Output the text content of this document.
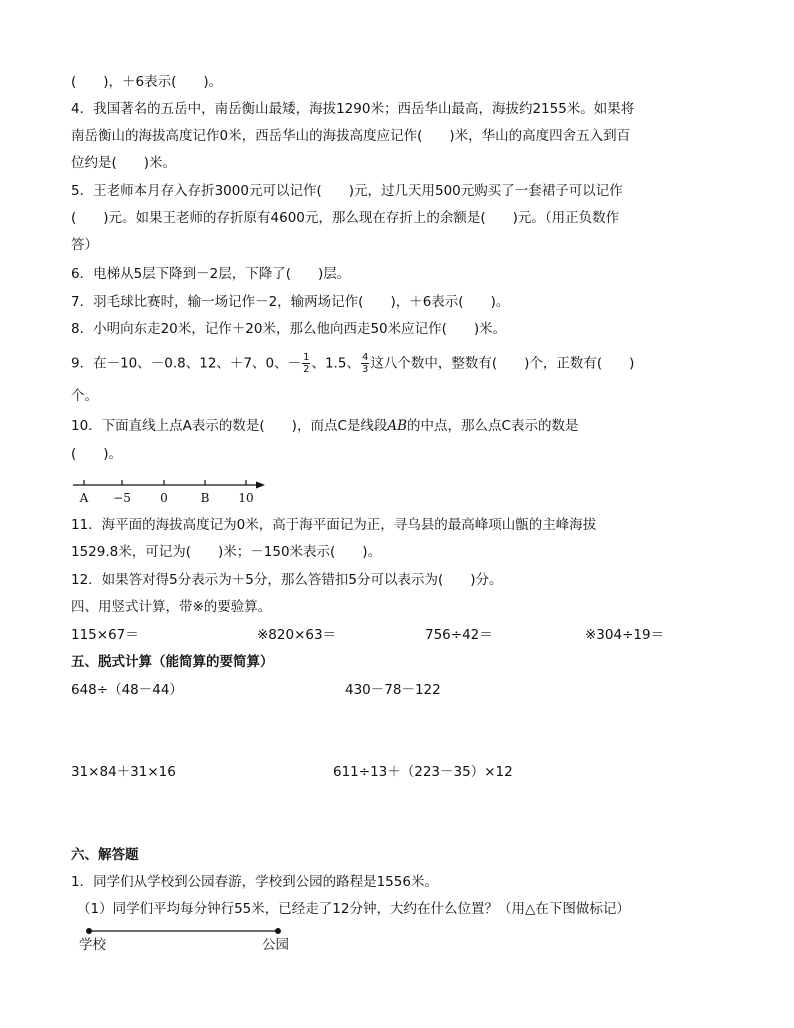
(　　)，＋6表示(　　)。
4．我国著名的五岳中，南岳衡山最矮，海拔1290米；西岳华山最高，海拔约2155米。如果将
南岳衡山的海拔高度记作0米，西岳华山的海拔高度应记作(　　)米，华山的高度四舍五入到百
位约是(　　)米。
5．王老师本月存入存折3000元可以记作(　　)元，过几天用500元购买了一套裙子可以记作
(　　)元。如果王老师的存折原有4600元，那么现在存折上的余额是(　　)元。（用正负数作
答）
6．电梯从5层下降到－2层，下降了(　　)层。
7．羽毛球比赛时，输一场记作－2，输两场记作(　　)，＋6表示(　　)。
8．小明向东走20米，记作＋20米，那么他向西走50米应记作(　　)米。
9．在－10、－0.8、12、＋7、0、－ $\frac{1}{2}$ 、1.5、 $\frac{4}{3}$ 这八个数中，整数有(　　)个，正数有(　　)
个。
10．下面直线上点A表示的数是(　　)，而点C是线段AB的中点，那么点C表示的数是
(　　)。
A −5 0	B 10
11．海平面的海拔高度记为0米，高于海平面记为正，寻乌县的最高峰项山甑的主峰海拔
1529.8米，可记为(　　)米；－150米表示(　　)。
12．如果答对得5分表示为＋5分，那么答错扣5分可以表示为(　　)分。
四、用竖式计算，带※的要验算。
115×67＝	※820×63＝	756÷42＝	※304÷19＝
五、脱式计算（能简算的要简算）
648÷（48－44）	430－78－122
31×84＋31×16	611÷13＋（223－35）×12
六、解答题
1．同学们从学校到公园春游，学校到公园的路程是1556米。
（1）同学们平均每分钟行55米，已经走了12分钟，大约在什么位置？（用△在下图做标记）
学校	公园
